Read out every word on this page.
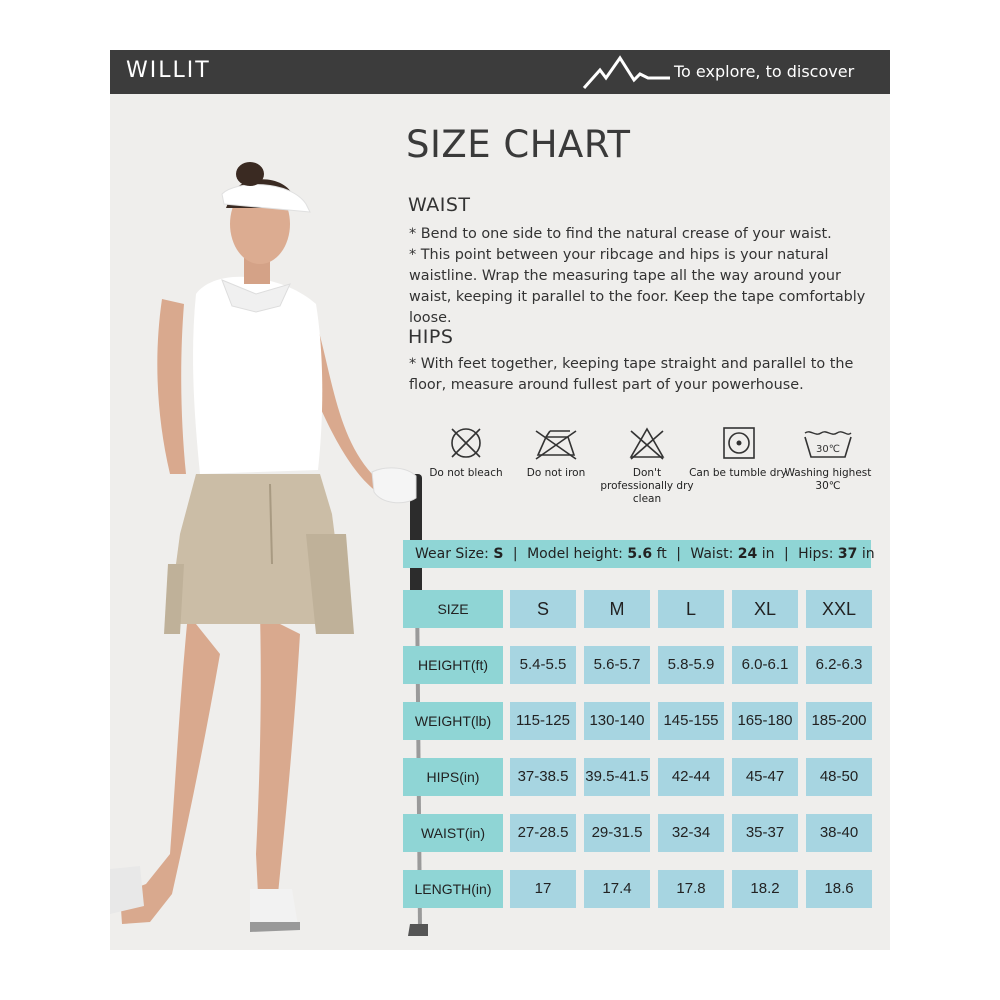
WILLIT	To explore, to discover
SIZE CHART
WAIST

* Bend to one side to find the natural crease of your waist.

* This point between your ribcage and hips is your natural waistline. Wrap the measuring tape all the way around your waist, keeping it parallel to the foor. Keep the tape comfortably loose.

HIPS

* With feet together, keeping tape straight and parallel to the floor, measure around fullest part of your powerhouse.

Do not bleach	Do not iron	Don't professionally dry clean
Can be tumble dry
30℃
Washing highest 30℃
Wear Size: S | Model height: 5.6 ft | Waist: 24 in | Hips: 37 in
SIZE	S	M	L	XL	XXL
HEIGHT(ft)	5.4-5.5	5.6-5.7	5.8-5.9	6.0-6.1	6.2-6.3
WEIGHT(lb)	115-125	130-140	145-155	165-180	185-200
HIPS(in)	37-38.5	39.5-41.5	42-44	45-47	48-50
WAIST(in)	27-28.5	29-31.5	32-34	35-37	38-40
LENGTH(in)	17	17.4	17.8	18.2	18.6
